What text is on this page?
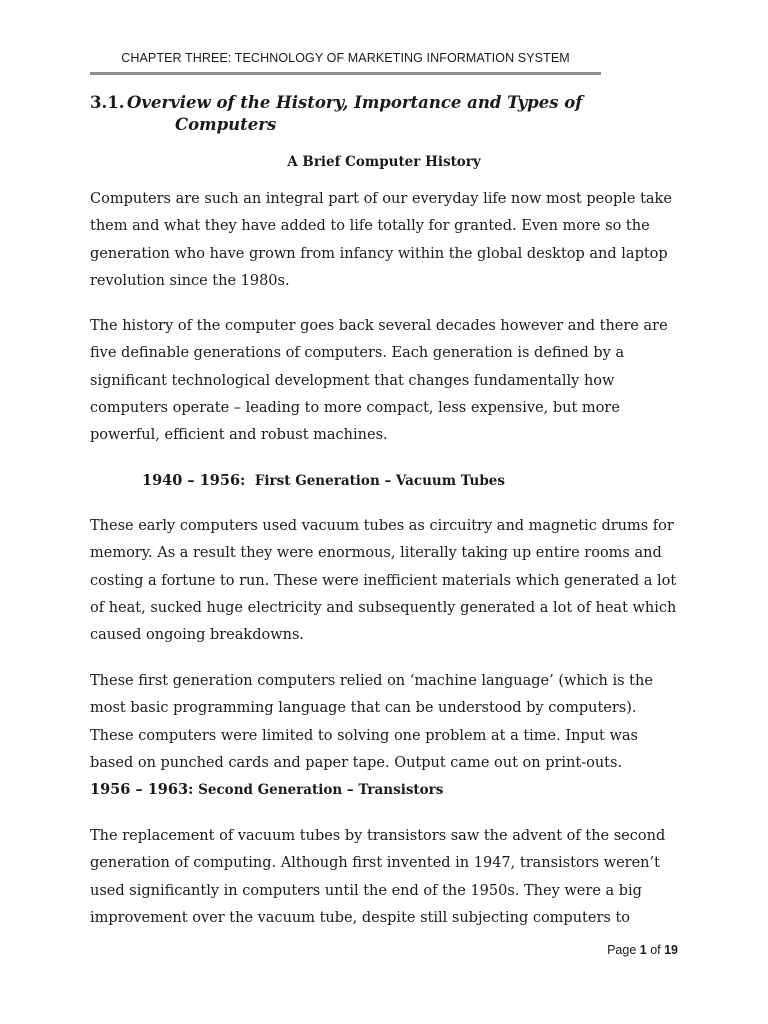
CHAPTER THREE: TECHNOLOGY OF MARKETING INFORMATION SYSTEM
3.1. Overview of the History, Importance and Types of
Computers
A Brief Computer History

Computers are such an integral part of our everyday life now most people take them and what they have added to life totally for granted. Even more so the generation who have grown from infancy within the global desktop and laptop revolution since the 1980s.

The history of the computer goes back several decades however and there are five definable generations of computers. Each generation is defined by a significant technological development that changes fundamentally how computers operate – leading to more compact, less expensive, but more powerful, efficient and robust machines.

1940 – 1956: First Generation – Vacuum Tubes

These early computers used vacuum tubes as circuitry and magnetic drums for memory. As a result they were enormous, literally taking up entire rooms and costing a fortune to run. These were inefficient materials which generated a lot of heat, sucked huge electricity and subsequently generated a lot of heat which caused ongoing breakdowns.

These first generation computers relied on ‘machine language’ (which is the most basic programming language that can be understood by computers). These computers were limited to solving one problem at a time. Input was based on punched cards and paper tape. Output came out on print-outs.

1956 – 1963: Second Generation – Transistors

The replacement of vacuum tubes by transistors saw the advent of the second generation of computing. Although first invented in 1947, transistors weren’t used significantly in computers until the end of the 1950s. They were a big improvement over the vacuum tube, despite still subjecting computers to

Page 1 of 19
